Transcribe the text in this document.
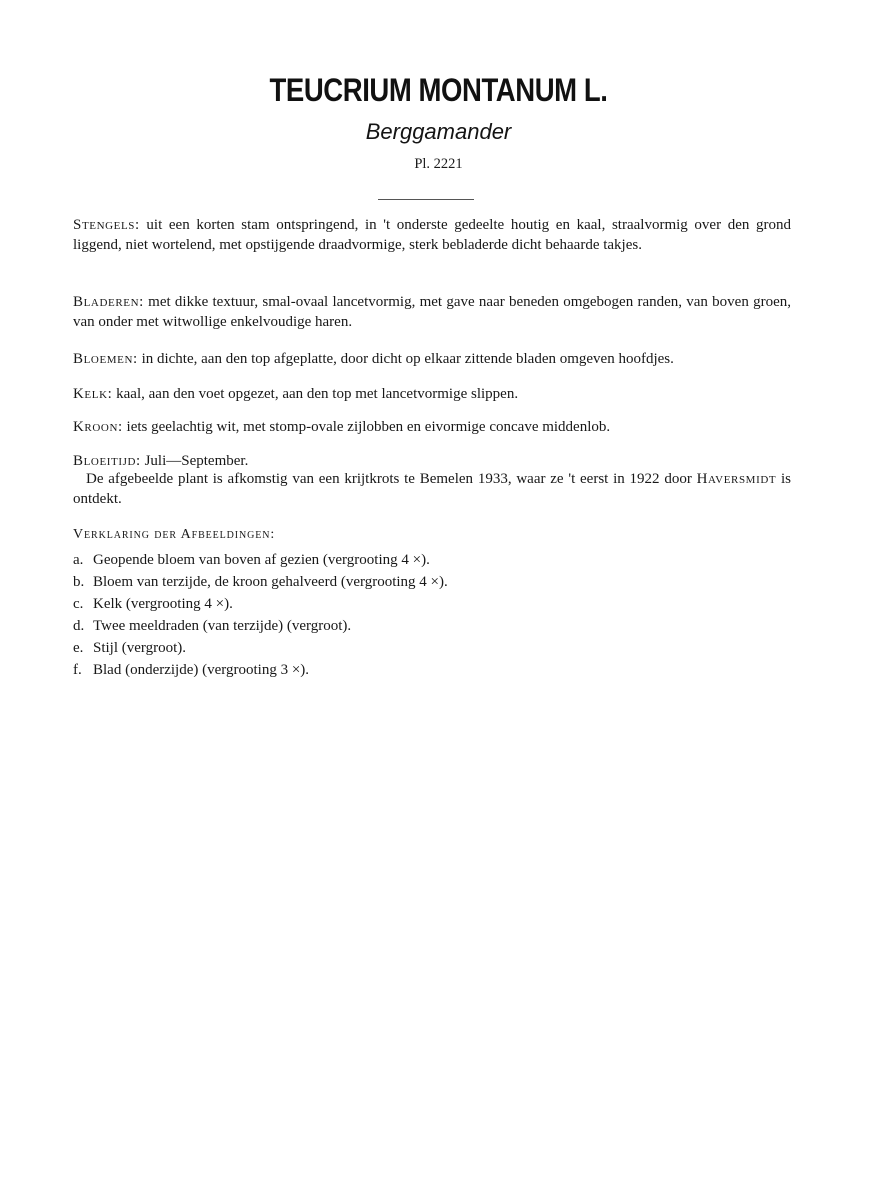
TEUCRIUM MONTANUM L.
Berggamander
Pl. 2221
Stengels: uit een korten stam ontspringend, in 't onderste gedeelte houtig en kaal, straalvormig over den grond liggend, niet wortelend, met opstijgende draadvormige, sterk bebladerde dicht behaarde takjes.
Bladeren: met dikke textuur, smal-ovaal lancetvormig, met gave naar beneden omgebogen randen, van boven groen, van onder met witwollige enkelvoudige haren.
Bloemen: in dichte, aan den top afgeplatte, door dicht op elkaar zittende bladen omgeven hoofdjes.
Kelk: kaal, aan den voet opgezet, aan den top met lancetvormige slippen.
Kroon: iets geelachtig wit, met stomp-ovale zijlobben en eivormige concave middenlob.
Bloeitijd: Juli—September.
De afgebeelde plant is afkomstig van een krijtkrots te Bemelen 1933, waar ze 't eerst in 1922 door Haversmidt is ontdekt.
Verklaring der Afbeeldingen:
a. Geopende bloem van boven af gezien (vergrooting 4 ×).
b. Bloem van terzijde, de kroon gehalveerd (vergrooting 4 ×).
c. Kelk (vergrooting 4 ×).
d. Twee meeldraden (van terzijde) (vergroot).
e. Stijl (vergroot).
f. Blad (onderzijde) (vergrooting 3 ×).
